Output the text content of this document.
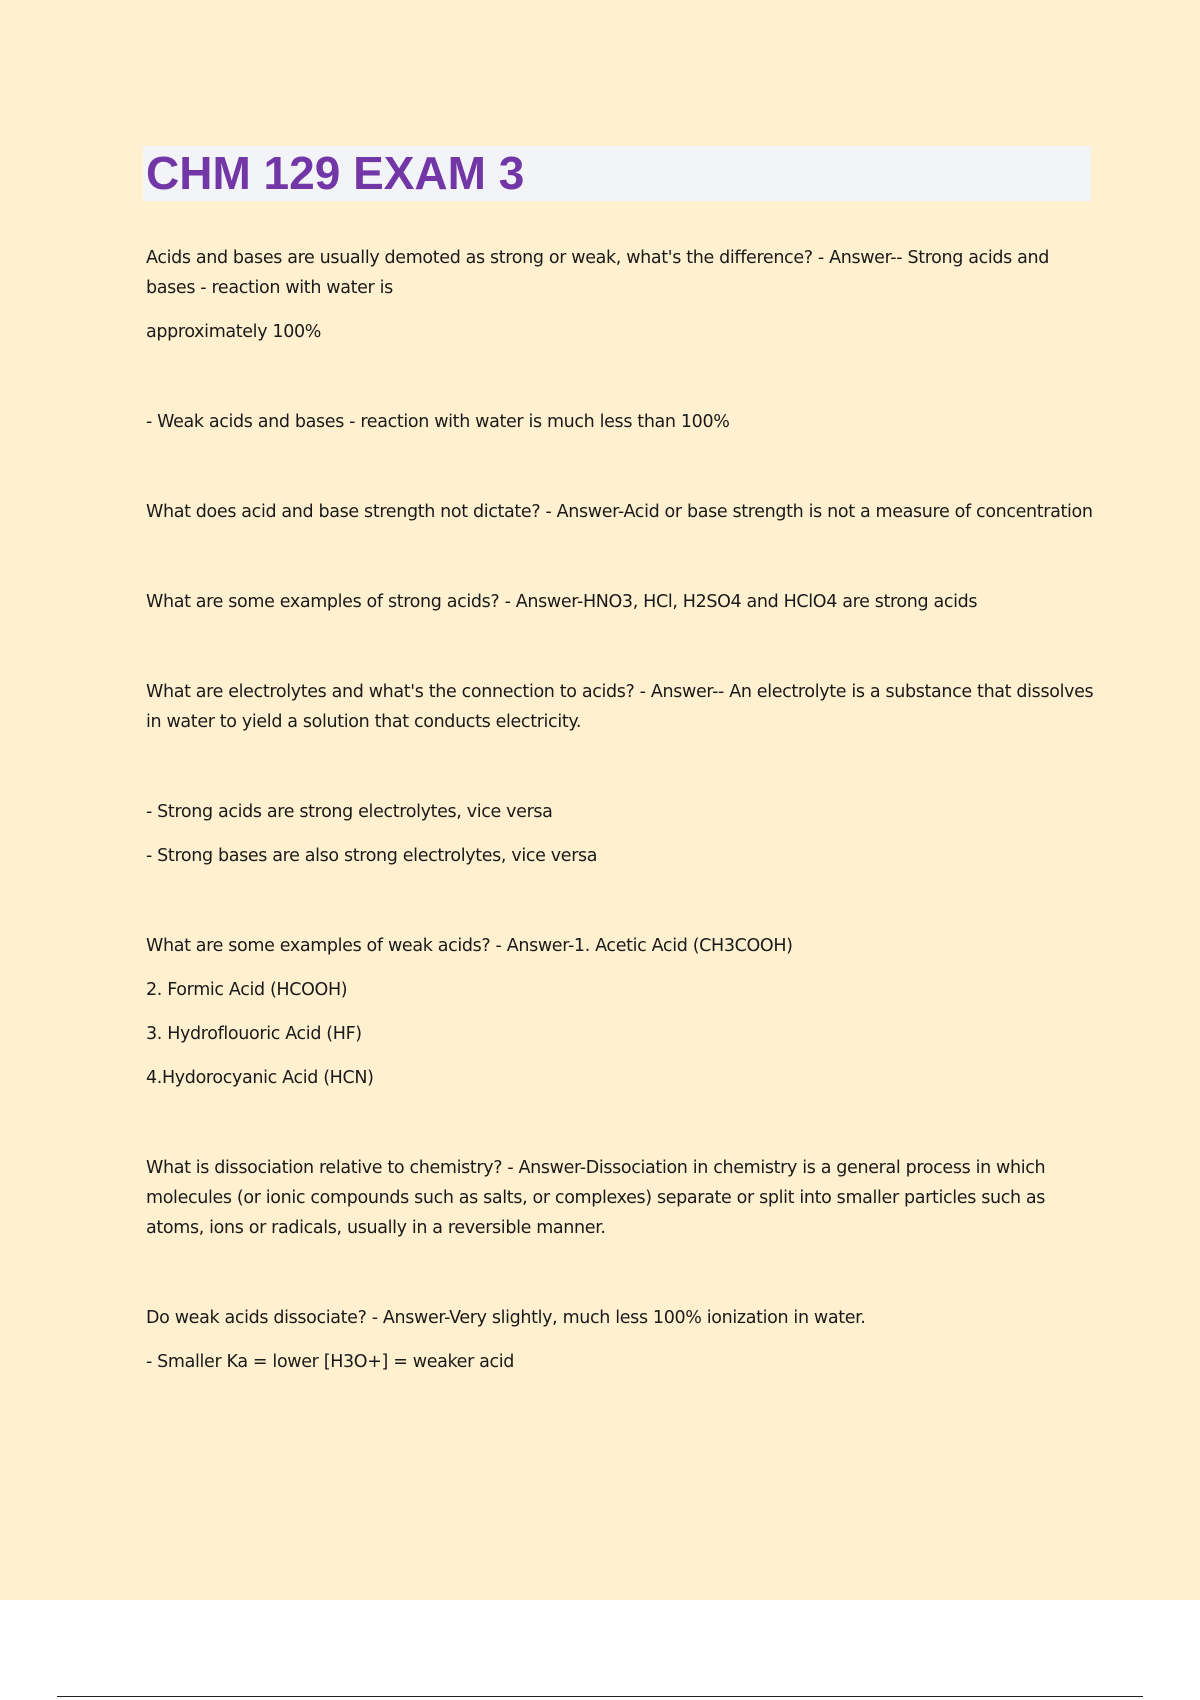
CHM 129 EXAM 3

Acids and bases are usually demoted as strong or weak, what's the difference? - Answer-- Strong acids and bases - reaction with water is

approximately 100%

- Weak acids and bases - reaction with water is much less than 100%

What does acid and base strength not dictate? - Answer-Acid or base strength is not a measure of concentration

What are some examples of strong acids? - Answer-HNO3, HCl, H2SO4 and HClO4 are strong acids

What are electrolytes and what's the connection to acids? - Answer-- An electrolyte is a substance that dissolves in water to yield a solution that conducts electricity.

- Strong acids are strong electrolytes, vice versa

- Strong bases are also strong electrolytes, vice versa

What are some examples of weak acids? - Answer-1. Acetic Acid (CH3COOH)

2. Formic Acid (HCOOH)

3. Hydroflouoric Acid (HF)

4.Hydorocyanic Acid (HCN)

What is dissociation relative to chemistry? - Answer-Dissociation in chemistry is a general process in which molecules (or ionic compounds such as salts, or complexes) separate or split into smaller particles such as atoms, ions or radicals, usually in a reversible manner.

Do weak acids dissociate? - Answer-Very slightly, much less 100% ionization in water.

- Smaller Ka = lower [H3O+] = weaker acid
